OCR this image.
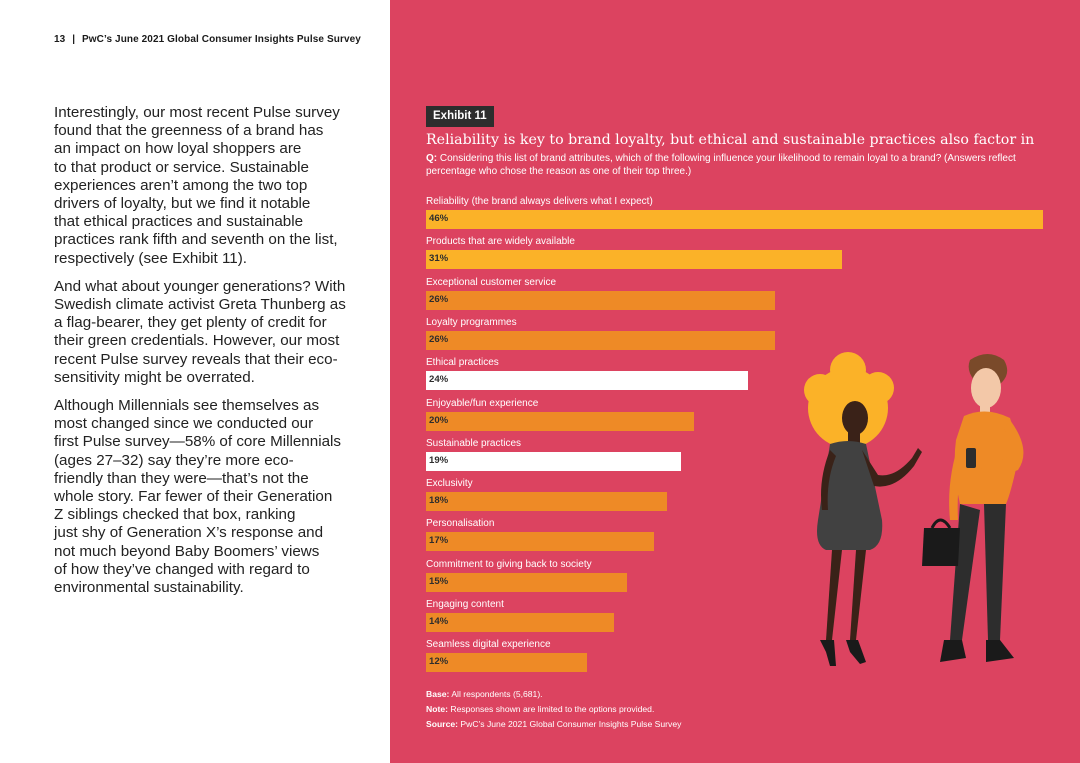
13 | PwC’s June 2021 Global Consumer Insights Pulse Survey

Interestingly, our most recent Pulse survey
found that the greenness of a brand has
an impact on how loyal shoppers are
to that product or service. Sustainable
experiences aren’t among the two top
drivers of loyalty, but we find it notable
that ethical practices and sustainable
practices rank fifth and seventh on the list,
respectively (see Exhibit 11).

And what about younger generations? With
Swedish climate activist Greta Thunberg as
a flag-bearer, they get plenty of credit for
their green credentials. However, our most
recent Pulse survey reveals that their eco-
sensitivity might be overrated.

Although Millennials see themselves as
most changed since we conducted our
first Pulse survey—58% of core Millennials
(ages 27–32) say they’re more eco-
friendly than they were—that’s not the
whole story. Far fewer of their Generation
Z siblings checked that box, ranking
just shy of Generation X’s response and
not much beyond Baby Boomers’ views
of how they’ve changed with regard to
environmental sustainability.

Exhibit 11
Reliability is key to brand loyalty, but ethical and sustainable practices also factor in
Q: Considering this list of brand attributes, which of the following influence your likelihood to remain loyal to a brand? (Answers reflect percentage who chose the reason as one of their top three.)
Reliability (the brand always delivers what I expect)
46%
Products that are widely available
31%
Exceptional customer service
26%
Loyalty programmes
26%
Ethical practices
24%
Enjoyable/fun experience
20%
Sustainable practices
19%
Exclusivity
18%
Personalisation
17%
Commitment to giving back to society
15%
Engaging content
14%
Seamless digital experience
12%
Base: All respondents (5,681).
Note: Responses shown are limited to the options provided.
Source: PwC’s June 2021 Global Consumer Insights Pulse Survey
